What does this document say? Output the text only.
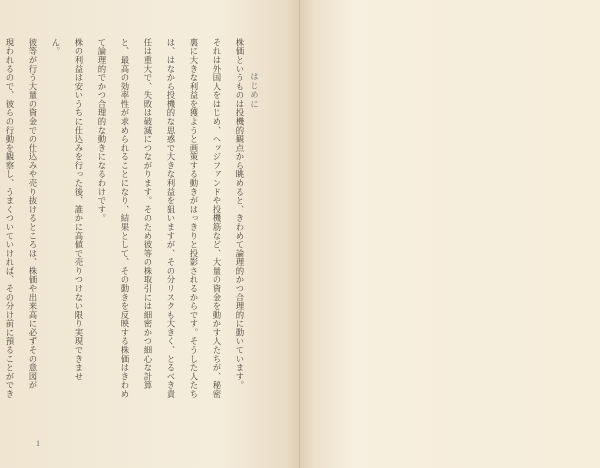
はじめに
株価というものは投機的観点から眺めると、きわめて論理的かつ合理的に動いています。
それは外国人をはじめ、ヘッジファンドや投機筋など、大量の資金を動かす人たちが、秘密
裏に大きな利益を獲ようと画策する動きがはっきりと投影されるからです。そうした人たち
は、はなから投機的な思惑で大きな利益を狙いますが、その分リスクも大きく、とるべき責
任は重大で、失敗は破滅につながります。そのため彼等の株取引には細密かつ細心な計算
と、最高の効率性が求められることになり、結果として、その動きを反映する株価はきわめ
て論理的でかつ合理的な動きになるわけです。
株の利益は安いうちに仕込みを行った後、誰かに高値で売りつけない限り実現できませ
ん。
彼等が行う大量の資金での仕込みや売り抜けるところは、株価や出来高に必ずその意図が
現われるので、彼らの行動を観察し、うまくついていければ、その分け前に預ることができ
1
